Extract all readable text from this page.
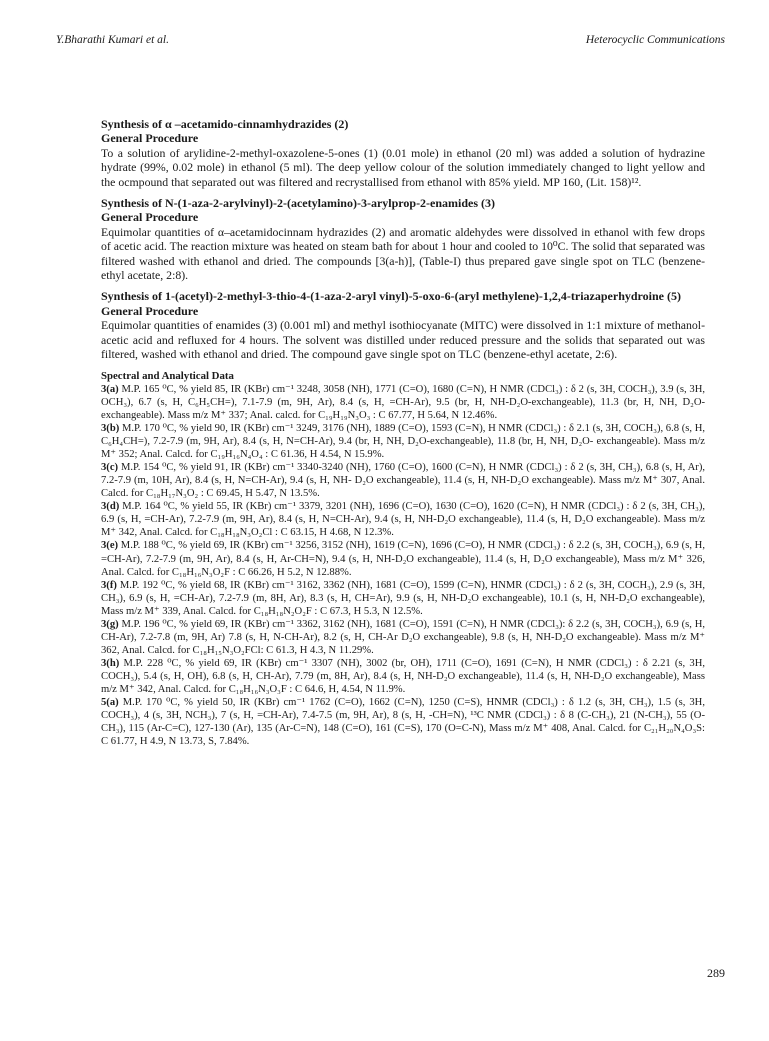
Y.Bharathi Kumari et al.	Heterocyclic Communications

Synthesis of α –acetamido-cinnamhydrazides (2)

General Procedure

To a solution of arylidine-2-methyl-oxazolene-5-ones (1) (0.01 mole) in ethanol (20 ml) was added a solution of hydrazine hydrate (99%, 0.02 mole) in ethanol (5 ml). The deep yellow colour of the solution immediately changed to light yellow and the ocmpound that separated out was filtered and recrystallised from ethanol with 85% yield. MP 160, (Lit. 158)¹².

Synthesis of N-(1-aza-2-arylvinyl)-2-(acetylamino)-3-arylprop-2-enamides (3)

General Procedure

Equimolar quantities of α–acetamidocinnam hydrazides (2) and aromatic aldehydes were dissolved in ethanol with few drops of acetic acid. The reaction mixture was heated on steam bath for about 1 hour and cooled to 10⁰C. The solid that separated was filtered washed with ethanol and dried. The compounds [3(a-h)], (Table-I) thus prepared gave single spot on TLC (benzene-ethyl acetate, 2:8).

Synthesis of 1-(acetyl)-2-methyl-3-thio-4-(1-aza-2-aryl vinyl)-5-oxo-6-(aryl methylene)-1,2,4-triazaperhydroine (5)

General Procedure

Equimolar quantities of enamides (3) (0.001 ml) and methyl isothiocyanate (MITC) were dissolved in 1:1 mixture of methanol-acetic acid and refluxed for 4 hours. The solvent was distilled under reduced pressure and the solids that separated out was filtered, washed with ethanol and dried. The compound gave single spot on TLC (benzene-ethyl acetate, 2:6).

Spectral and Analytical Data

3(a) M.P. 165 ⁰C, % yield 85, IR (KBr) cm⁻¹ 3248, 3058 (NH), 1771 (C=O), 1680 (C=N), H NMR (CDCl₃) : δ 2 (s, 3H, COCH₃), 3.9 (s, 3H, OCH₃), 6.7 (s, H, C₆H₅CH=), 7.1-7.9 (m, 9H, Ar), 8.4 (s, H, =CH-Ar), 9.5 (br, H, NH-D₂O-exchangeable), 11.3 (br, H, NH, D₂O-exchangeable). Mass m/z M⁺ 337; Anal. calcd. for C₁₉H₁₉N₃O₃ : C 67.77, H 5.64, N 12.46%.

3(b) M.P. 170 ⁰C, % yield 90, IR (KBr) cm⁻¹ 3249, 3176 (NH), 1889 (C=O), 1593 (C=N), H NMR (CDCl₃) : δ 2.1 (s, 3H, COCH₃), 6.8 (s, H, C₆H₄CH=), 7.2-7.9 (m, 9H, Ar), 8.4 (s, H, N=CH-Ar), 9.4 (br, H, NH, D₂O-exchangeable), 11.8 (br, H, NH, D₂O- exchangeable). Mass m/z M⁺ 352; Anal. Calcd. for C₁₉H₁₆N₄O₄ : C 61.36, H 4.54, N 15.9%.

3(c) M.P. 154 ⁰C, % yield 91, IR (KBr) cm⁻¹ 3340-3240 (NH), 1760 (C=O), 1600 (C=N), H NMR (CDCl₃) : δ 2 (s, 3H, CH₃), 6.8 (s, H, Ar), 7.2-7.9 (m, 10H, Ar), 8.4 (s, H, N=CH-Ar), 9.4 (s, H, NH- D₂O exchangeable), 11.4 (s, H, NH-D₂O exchangeable). Mass m/z M⁺ 307, Anal. Calcd. for C₁₈H₁₇N₃O₂ : C 69.45, H 5.47, N 13.5%.

3(d) M.P. 164 ⁰C, % yield 55, IR (KBr) cm⁻¹ 3379, 3201 (NH), 1696 (C=O), 1630 (C=O), 1620 (C=N), H NMR (CDCl₃) : δ 2 (s, 3H, CH₃), 6.9 (s, H, =CH-Ar), 7.2-7.9 (m, 9H, Ar), 8.4 (s, H, N=CH-Ar), 9.4 (s, H, NH-D₂O exchangeable), 11.4 (s, H, D₂O exchangeable). Mass m/z M⁺ 342, Anal. Calcd. for C₁₈H₁₈N₃O₂Cl : C 63.15, H 4.68, N 12.3%.

3(e) M.P. 188 ⁰C, % yield 69, IR (KBr) cm⁻¹ 3256, 3152 (NH), 1619 (C=N), 1696 (C=O), H NMR (CDCl₃) : δ 2.2 (s, 3H, COCH₃), 6.9 (s, H, =CH-Ar), 7.2-7.9 (m, 9H, Ar), 8.4 (s, H, Ar-CH=N), 9.4 (s, H, NH-D₂O exchangeable), 11.4 (s, H, D₂O exchangeable), Mass m/z M⁺ 326, Anal. Calcd. for C₁₈H₁₆N₃O₂F : C 66.26, H 5.2, N 12.88%.

3(f) M.P. 192 ⁰C, % yield 68, IR (KBr) cm⁻¹ 3162, 3362 (NH), 1681 (C=O), 1599 (C=N), HNMR (CDCl₃) : δ 2 (s, 3H, COCH₃), 2.9 (s, 3H, CH₃), 6.9 (s, H, =CH-Ar), 7.2-7.9 (m, 8H, Ar), 8.3 (s, H, CH=Ar), 9.9 (s, H, NH-D₂O exchangeable), 10.1 (s, H, NH-D₂O exchangeable), Mass m/z M⁺ 339, Anal. Calcd. for C₁₈H₁₈N₂O₂F : C 67.3, H 5.3, N 12.5%.

3(g) M.P. 196 ⁰C, % yield 69, IR (KBr) cm⁻¹ 3362, 3162 (NH), 1681 (C=O), 1591 (C=N), H NMR (CDCl₃): δ 2.2 (s, 3H, COCH₃), 6.9 (s, H, CH-Ar), 7.2-7.8 (m, 9H, Ar) 7.8 (s, H, N-CH-Ar), 8.2 (s, H, CH-Ar D₂O exchangeable), 9.8 (s, H, NH-D₂O exchangeable). Mass m/z M⁺ 362, Anal. Calcd. for C₁₈H₁₅N₃O₂FCl: C 61.3, H 4.3, N 11.29%.

3(h) M.P. 228 ⁰C, % yield 69, IR (KBr) cm⁻¹ 3307 (NH), 3002 (br, OH), 1711 (C=O), 1691 (C=N), H NMR (CDCl₃) : δ 2.21 (s, 3H, COCH₃), 5.4 (s, H, OH), 6.8 (s, H, CH-Ar), 7.79 (m, 8H, Ar), 8.4 (s, H, NH-D₂O exchangeable), 11.4 (s, H, NH-D₂O exchangeable), Mass m/z M⁺ 342, Anal. Calcd. for C₁₈H₁₆N₃O₃F : C 64.6, H, 4.54, N 11.9%.

5(a) M.P. 170 ⁰C, % yield 50, IR (KBr) cm⁻¹ 1762 (C=O), 1662 (C=N), 1250 (C=S), HNMR (CDCl₃) : δ 1.2 (s, 3H, CH₃), 1.5 (s, 3H, COCH₃), 4 (s, 3H, NCH₃), 7 (s, H, =CH-Ar), 7.4-7.5 (m, 9H, Ar), 8 (s, H, -CH=N), ¹³C NMR (CDCl₃) : δ 8 (C-CH₃), 21 (N-CH₃), 55 (O-CH₃), 115 (Ar-C=C), 127-130 (Ar), 135 (Ar-C=N), 148 (C=O), 161 (C=S), 170 (O=C-N), Mass m/z M⁺ 408, Anal. Calcd. for C₂₁H₂₀N₄O₃S: C 61.77, H 4.9, N 13.73, S, 7.84%.

289
